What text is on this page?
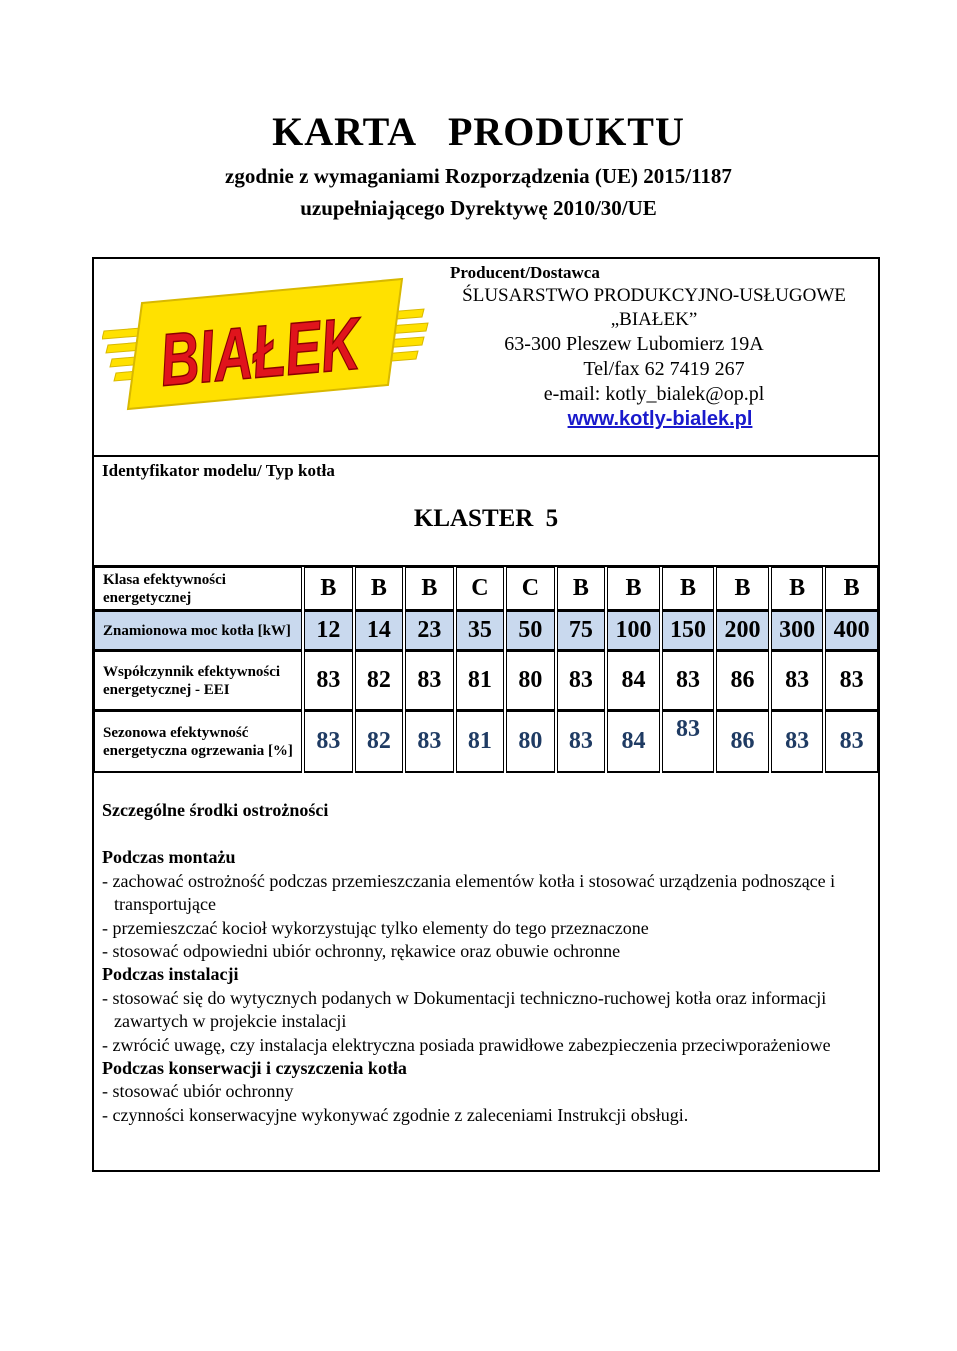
KARTA PRODUKTU

zgodnie z wymaganiami Rozporządzenia (UE) 2015/1187

uzupełniającego Dyrektywę 2010/30/UE

BIAŁEK
Producent/Dostawca
ŚLUSARSTWO PRODUKCYJNO-USŁUGOWE
„BIAŁEK”
63-300 Pleszew Lubomierz 19A
Tel/fax 62 7419 267
e-mail: kotly_bialek@op.pl
www.kotly-bialek.pl
Identyfikator modelu/ Typ kotła
KLASTER 5
Klasa efektywności energetycznej	B	B	B	C	C	B	B	B	B	B	B
Znamionowa moc kotła [kW]	12	14	23	35	50	75	100	150	200	300	400
Współczynnik efektywności energetycznej - EEI	83	82	83	81	80	83	84	83	86	83	83
Sezonowa efektywność energetyczna ogrzewania [%]	83	82	83	81	80	83	84	83	86	83	83
Szczególne środki ostrożności
Podczas montażu
- zachować ostrożność podczas przemieszczania elementów kotła i stosować urządzenia podnoszące i transportujące
- przemieszczać kocioł wykorzystując tylko elementy do tego przeznaczone
- stosować odpowiedni ubiór ochronny, rękawice oraz obuwie ochronne
Podczas instalacji
- stosować się do wytycznych podanych w Dokumentacji techniczno-ruchowej kotła oraz informacji zawartych w projekcie instalacji
- zwrócić uwagę, czy instalacja elektryczna posiada prawidłowe zabezpieczenia przeciwporażeniowe
Podczas konserwacji i czyszczenia kotła
- stosować ubiór ochronny
- czynności konserwacyjne wykonywać zgodnie z zaleceniami Instrukcji obsługi.
